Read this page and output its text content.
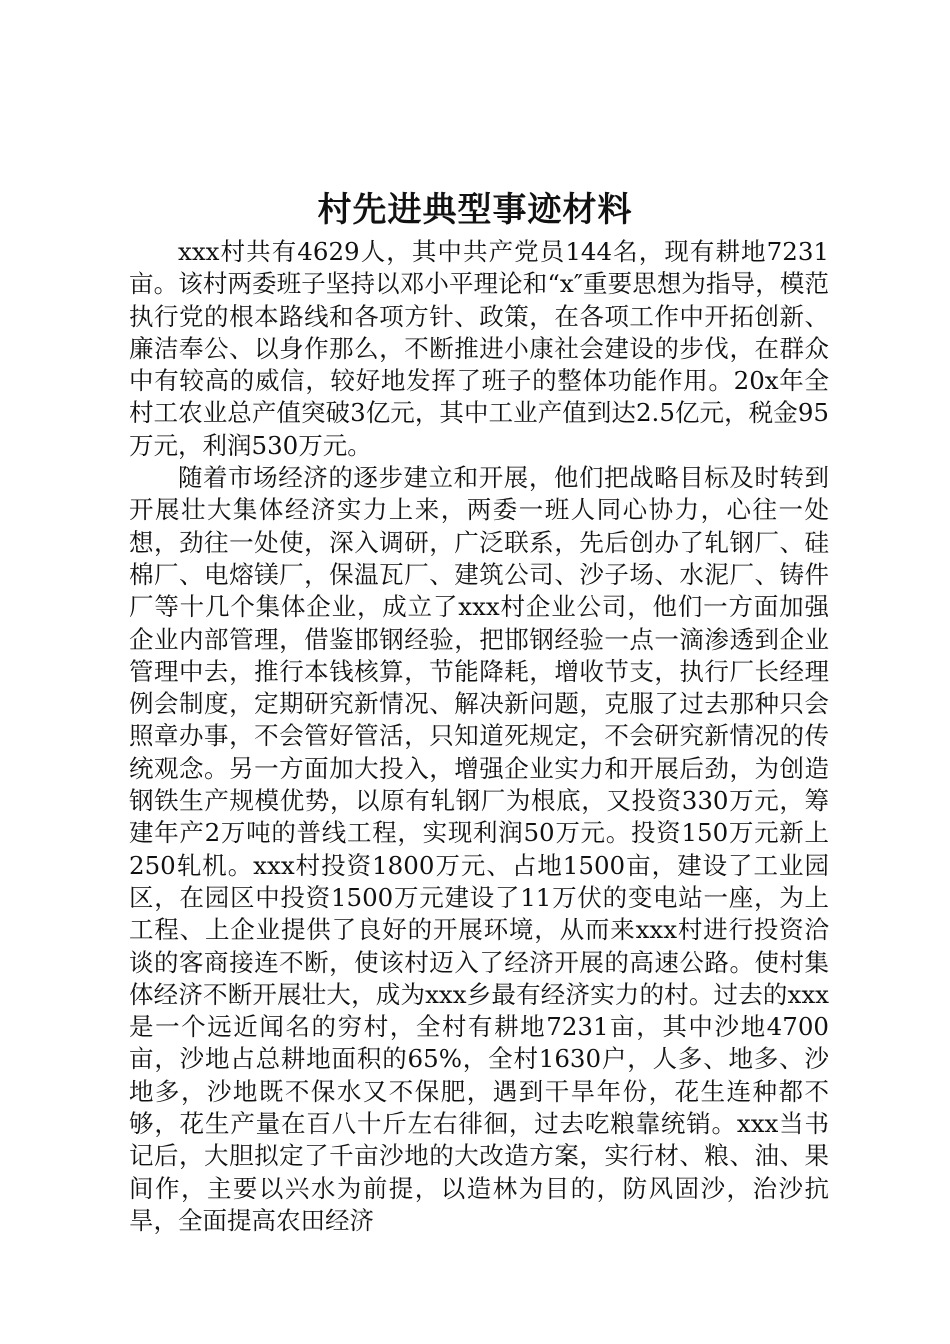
村先进典型事迹材料

xxx村共有4629人，其中共产党员144名，现有耕地7231亩。该村两委班子坚持以邓小平理论和“x″重要思想为指导，模范执行党的根本路线和各项方针、政策，在各项工作中开拓创新、廉洁奉公、以身作那么，不断推进小康社会建设的步伐，在群众中有较高的威信，较好地发挥了班子的整体功能作用。20x年全村工农业总产值突破3亿元，其中工业产值到达2.5亿元，税金95万元，利润530万元。

随着市场经济的逐步建立和开展，他们把战略目标及时转到开展壮大集体经济实力上来，两委一班人同心协力，心往一处想，劲往一处使，深入调研，广泛联系，先后创办了轧钢厂、硅棉厂、电熔镁厂，保温瓦厂、建筑公司、沙子场、水泥厂、铸件厂等十几个集体企业，成立了xxx村企业公司，他们一方面加强企业内部管理，借鉴邯钢经验，把邯钢经验一点一滴渗透到企业管理中去，推行本钱核算，节能降耗，增收节支，执行厂长经理例会制度，定期研究新情况、解决新问题，克服了过去那种只会照章办事，不会管好管活，只知道死规定，不会研究新情况的传统观念。另一方面加大投入，增强企业实力和开展后劲，为创造钢铁生产规模优势，以原有轧钢厂为根底，又投资330万元，筹建年产2万吨的普线工程，实现利润50万元。投资150万元新上250轧机。xxx村投资1800万元、占地1500亩，建设了工业园区，在园区中投资1500万元建设了11万伏的变电站一座，为上工程、上企业提供了良好的开展环境，从而来xxx村进行投资洽谈的客商接连不断，使该村迈入了经济开展的高速公路。使村集体经济不断开展壮大，成为xxx乡最有经济实力的村。过去的xxx是一个远近闻名的穷村，全村有耕地7231亩，其中沙地4700亩，沙地占总耕地面积的65%，全村1630户，人多、地多、沙地多，沙地既不保水又不保肥，遇到干旱年份，花生连种都不够，花生产量在百八十斤左右徘徊，过去吃粮靠统销。xxx当书记后，大胆拟定了千亩沙地的大改造方案，实行材、粮、油、果间作，主要以兴水为前提，以造林为目的，防风固沙，治沙抗旱，全面提高农田经济
